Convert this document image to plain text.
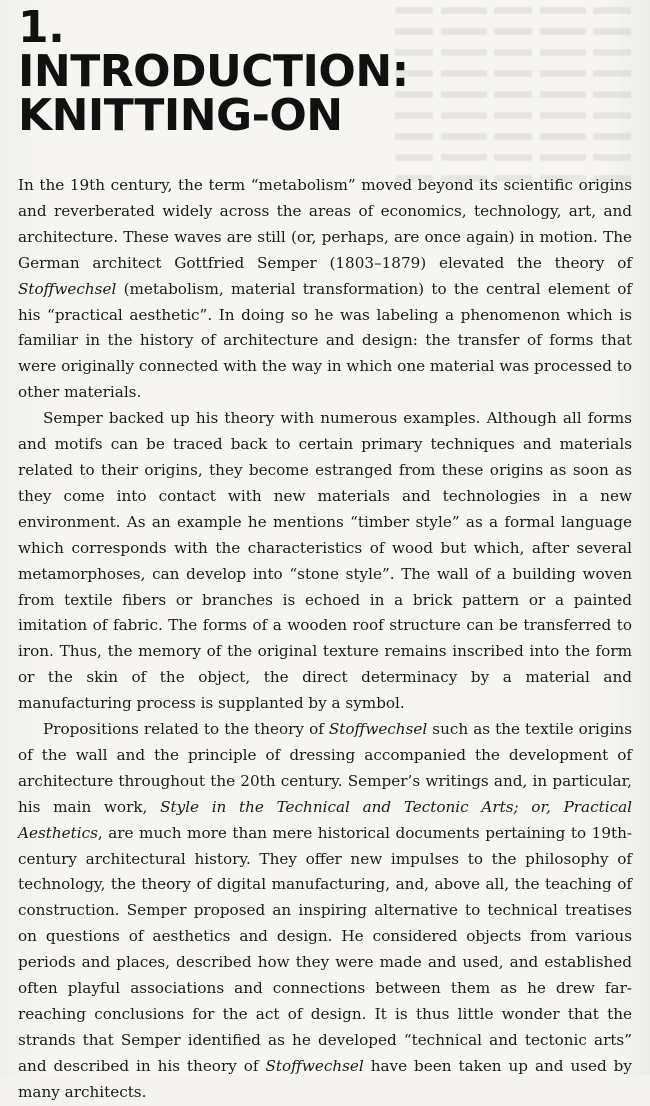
1.
INTRODUCTION:
KNITTING-ON

In the 19th century, the term “metabolism” moved beyond its scientific origins and reverberated widely across the areas of economics, technology, art, and architecture. These waves are still (or, perhaps, are once again) in motion. The German architect Gottfried Semper (1803–1879) elevated the theory of Stoffwechsel (metabolism, material transformation) to the central element of his “practical aesthetic”. In doing so he was labeling a phenomenon which is familiar in the history of architecture and design: the transfer of forms that were originally connected with the way in which one material was processed to other materials.

Semper backed up his theory with numerous examples. Although all forms and motifs can be traced back to certain primary techniques and materials related to their origins, they become estranged from these origins as soon as they come into contact with new materials and technologies in a new environment. As an example he mentions “timber style” as a formal language which corresponds with the characteristics of wood but which, after several metamorphoses, can develop into “stone style”. The wall of a building woven from textile fibers or branches is echoed in a brick pattern or a painted imitation of fabric. The forms of a wooden roof structure can be transferred to iron. Thus, the memory of the original texture remains inscribed into the form or the skin of the object, the direct determinacy by a material and manufacturing process is supplanted by a symbol.

Propositions related to the theory of Stoffwechsel such as the textile origins of the wall and the principle of dressing accompanied the development of architecture throughout the 20th century. Semper’s writings and, in particular, his main work, Style in the Technical and Tectonic Arts; or, Practical Aesthetics, are much more than mere historical documents pertaining to 19th-century architectural history. They offer new impulses to the philosophy of technology, the theory of digital manufacturing, and, above all, the teaching of construction. Semper proposed an inspiring alternative to technical treatises on questions of aesthetics and design. He considered objects from various periods and places, described how they were made and used, and established often playful associations and connections between them as he drew far-reaching conclusions for the act of design. It is thus little wonder that the strands that Semper identified as he developed “technical and tectonic arts” and described in his theory of Stoffwechsel have been taken up and used by many architects.
